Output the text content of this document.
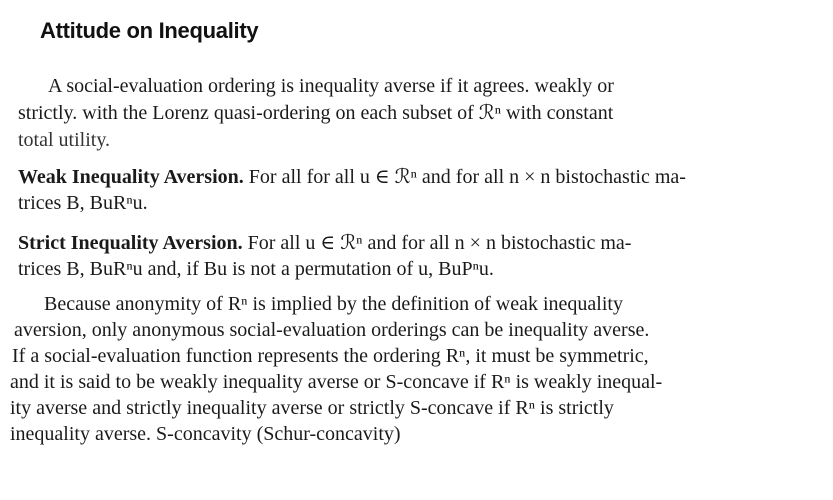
Attitude on Inequality
A social-evaluation ordering is inequality averse if it agrees. weakly or
strictly. with the Lorenz quasi-ordering on each subset of ℛⁿ with constant
total utility.
Weak Inequality Aversion. For all for all u ∈ ℛⁿ and for all n × n bistochastic ma-
trices B, BuRⁿu.
Strict Inequality Aversion. For all u ∈ ℛⁿ and for all n × n bistochastic ma-
trices B, BuRⁿu and, if Bu is not a permutation of u, BuPⁿu.
Because anonymity of Rⁿ is implied by the definition of weak inequality
aversion, only anonymous social-evaluation orderings can be inequality averse.
If a social-evaluation function represents the ordering Rⁿ, it must be symmetric,
and it is said to be weakly inequality averse or S-concave if Rⁿ is weakly inequal-
ity averse and strictly inequality averse or strictly S-concave if Rⁿ is strictly
inequality averse. S-concavity (Schur-concavity)
